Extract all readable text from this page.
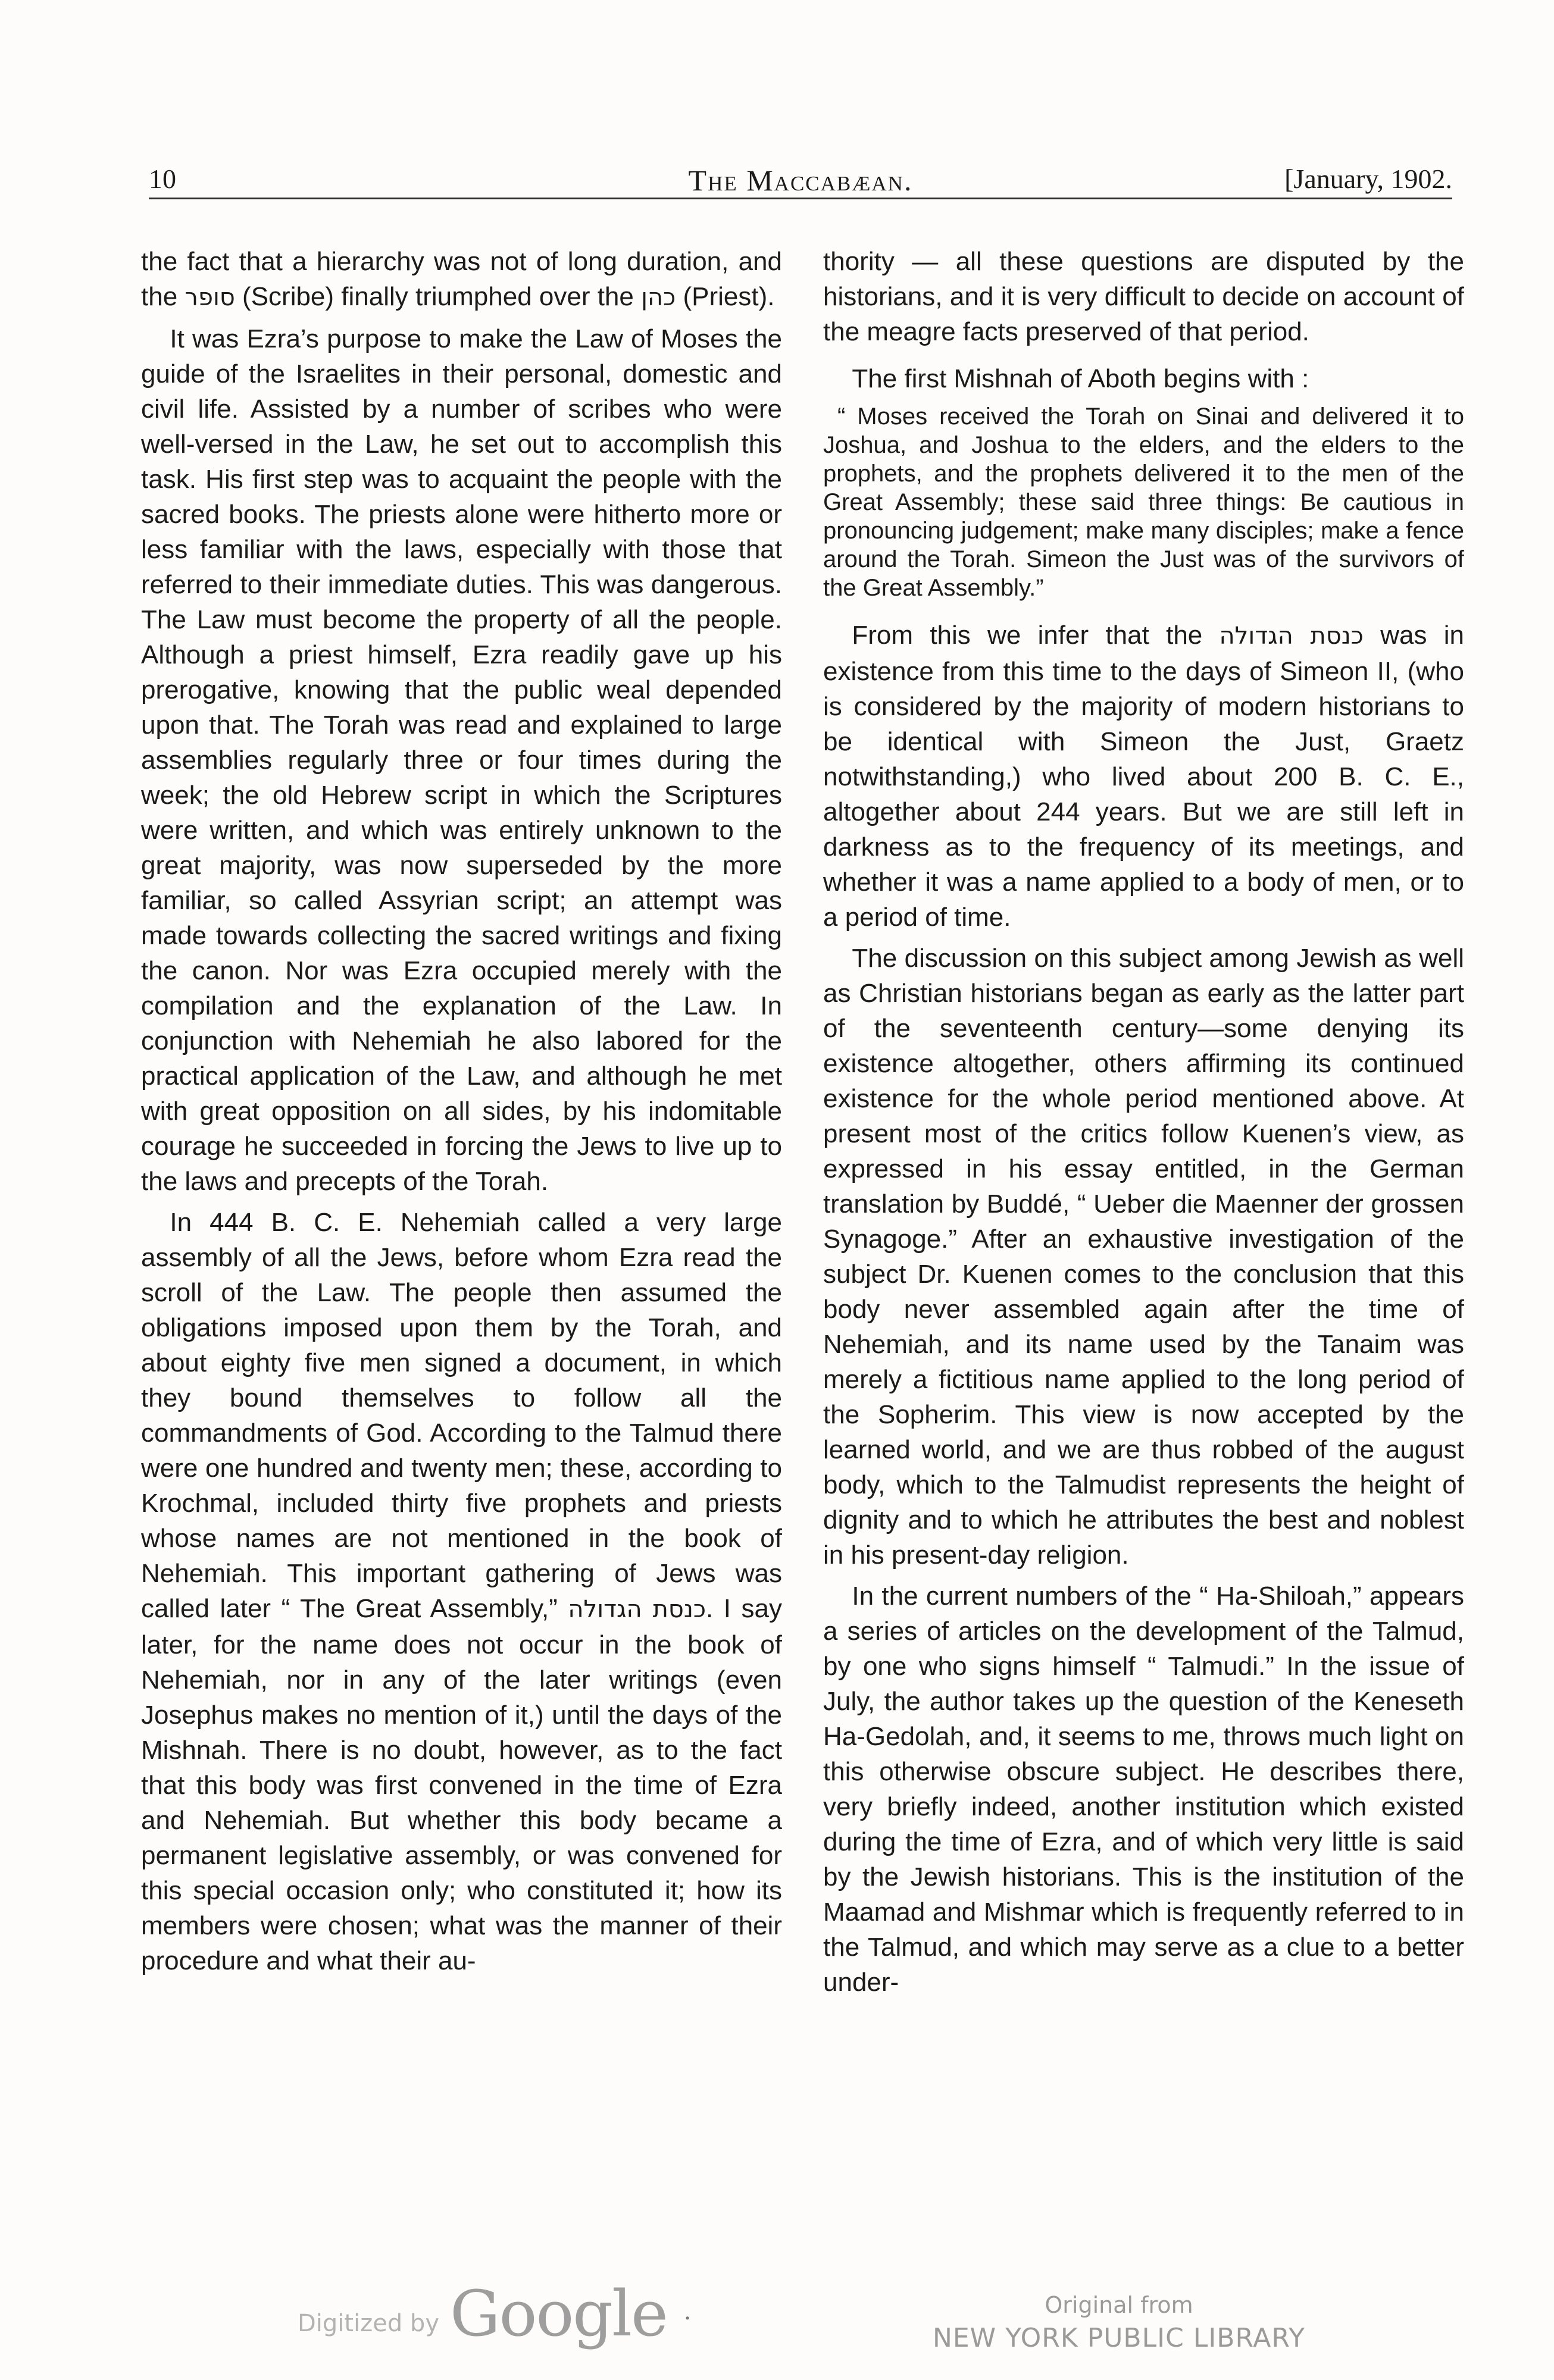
10	The Maccabæan.	[January, 1902.

the fact that a hierarchy was not of long duration, and the סופר (Scribe) finally triumphed over the כהן (Priest).

It was Ezra’s purpose to make the Law of Moses the guide of the Israelites in their personal, domestic and civil life. Assisted by a number of scribes who were well-versed in the Law, he set out to accomplish this task. His first step was to acquaint the people with the sacred books. The priests alone were hitherto more or less familiar with the laws, especially with those that referred to their immediate duties. This was dangerous. The Law must become the property of all the people. Although a priest himself, Ezra readily gave up his prerogative, knowing that the public weal depended upon that. The Torah was read and explained to large assemblies regularly three or four times during the week; the old Hebrew script in which the Scriptures were written, and which was entirely unknown to the great majority, was now superseded by the more familiar, so called Assyrian script; an attempt was made towards collecting the sacred writings and fixing the canon. Nor was Ezra occupied merely with the compilation and the explanation of the Law. In conjunction with Nehemiah he also labored for the practical application of the Law, and although he met with great opposition on all sides, by his indomitable courage he succeeded in forcing the Jews to live up to the laws and precepts of the Torah.

In 444 B. C. E. Nehemiah called a very large assembly of all the Jews, before whom Ezra read the scroll of the Law. The people then assumed the obligations imposed upon them by the Torah, and about eighty five men signed a document, in which they bound themselves to follow all the commandments of God. According to the Talmud there were one hundred and twenty men; these, according to Krochmal, included thirty five prophets and priests whose names are not mentioned in the book of Nehemiah. This important gathering of Jews was called later “ The Great Assembly,” כנסת הגדולה. I say later, for the name does not occur in the book of Nehemiah, nor in any of the later writings (even Josephus makes no mention of it,) until the days of the Mishnah. There is no doubt, however, as to the fact that this body was first convened in the time of Ezra and Nehemiah. But whether this body became a permanent legislative assembly, or was convened for this special occasion only; who constituted it; how its members were chosen; what was the manner of their procedure and what their au-

thority — all these questions are disputed by the historians, and it is very difficult to decide on account of the meagre facts preserved of that period.

The first Mishnah of Aboth begins with :

“ Moses received the Torah on Sinai and delivered it to Joshua, and Joshua to the elders, and the elders to the prophets, and the prophets delivered it to the men of the Great Assembly; these said three things: Be cautious in pronouncing judgement; make many disciples; make a fence around the Torah. Simeon the Just was of the survivors of the Great Assembly.”

From this we infer that the כנסת הגדולה was in existence from this time to the days of Simeon II, (who is considered by the majority of modern historians to be identical with Simeon the Just, Graetz notwithstanding,) who lived about 200 B. C. E., altogether about 244 years. But we are still left in darkness as to the frequency of its meetings, and whether it was a name applied to a body of men, or to a period of time.

The discussion on this subject among Jewish as well as Christian historians began as early as the latter part of the seventeenth century—some denying its existence altogether, others affirming its continued existence for the whole period mentioned above. At present most of the critics follow Kuenen’s view, as expressed in his essay entitled, in the German translation by Buddé, “ Ueber die Maenner der grossen Synagoge.” After an exhaustive investigation of the subject Dr. Kuenen comes to the conclusion that this body never assembled again after the time of Nehemiah, and its name used by the Tanaim was merely a fictitious name applied to the long period of the Sopherim. This view is now accepted by the learned world, and we are thus robbed of the august body, which to the Talmudist represents the height of dignity and to which he attributes the best and noblest in his present-day religion.

In the current numbers of the “ Ha-Shiloah,” appears a series of articles on the development of the Talmud, by one who signs himself “ Talmudi.” In the issue of July, the author takes up the question of the Keneseth Ha-Gedolah, and, it seems to me, throws much light on this otherwise obscure subject. He describes there, very briefly indeed, another institution which existed during the time of Ezra, and of which very little is said by the Jewish historians. This is the institution of the Maamad and Mishmar which is frequently referred to in the Talmud, and which may serve as a clue to a better under-

Digitized by Google ·	Original from
NEW YORK PUBLIC LIBRARY
